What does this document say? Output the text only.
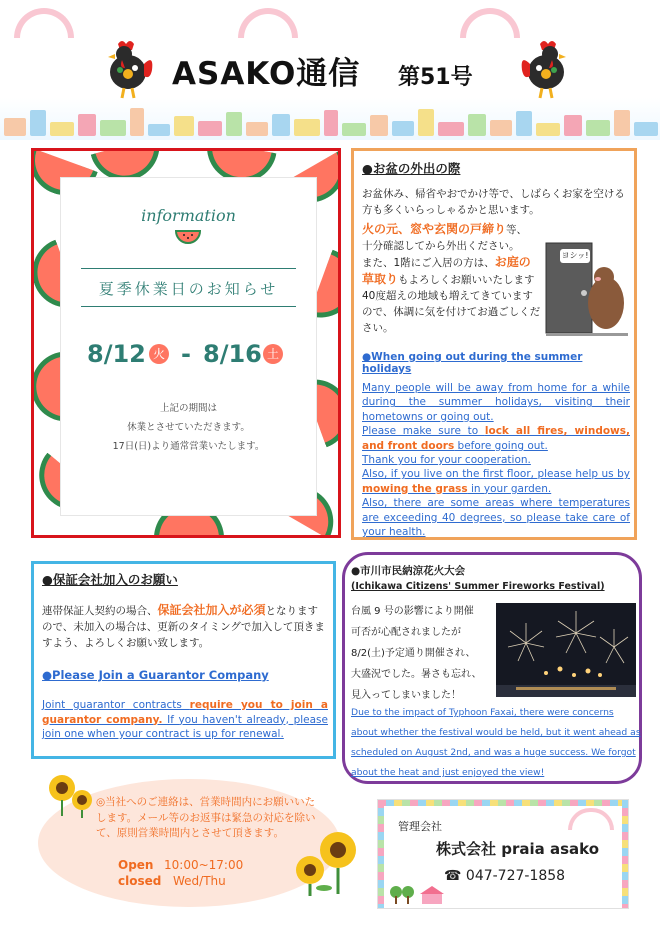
ASAKO通信 第51号
information
夏季休業日のお知らせ
8/12 火 - 8/16 土
上記の期間は
休業とさせていただきます。
17日(日)より通常営業いたします。
●お盆の外出の際
お盆休み、帰省やおでかけ等で、しばらくお家を空ける方も多くいらっしゃるかと思います。
火の元、窓や玄関の戸締り等、
十分確認してから外出ください。
また、1階にご入居の方は、お庭の草取りもよろしくお願いいたします
40度超えの地域も増えてきていますので、体調に気を付けてお過ごしください。
ヨシッ!
●When going out during the summer holidays
Many people will be away from home for a while during the summer holidays, visiting their hometowns or going out.
Please make sure to lock all fires, windows, and front doors before going out.
Thank you for your cooperation.
Also, if you live on the first floor, please help us by mowing the grass in your garden.
Also, there are some areas where temperatures are exceeding 40 degrees, so please take care of your health.
●保証会社加入のお願い
連帯保証人契約の場合、保証会社加入が必須となりますので、未加入の場合は、更新のタイミングで加入して頂きますよう、よろしくお願い致します。
●Please Join a Guarantor Company
Joint guarantor contracts require you to join a guarantor company. If you haven't already, please join one when your contract is up for renewal.
●市川市民納涼花火大会
(Ichikawa Citizens' Summer Fireworks Festival)
台風 9 号の影響により開催
可否が心配されましたが
8/2(土)予定通り開催され、
大盛況でした。暑さも忘れ、
見入ってしまいました！
Due to the impact of Typhoon Faxai, there were concerns about whether the festival would be held, but it went ahead as scheduled on August 2nd, and was a huge success. We forgot about the heat and just enjoyed the view!
◎当社へのご連絡は、営業時間内にお願いいたします。メール等のお返事は緊急の対応を除いて、原則営業時間内とさせて頂きます。
Open 10:00~17:00
closed Wed/Thu
管理会社
株式会社 praia asako
☎ 047-727-1858
